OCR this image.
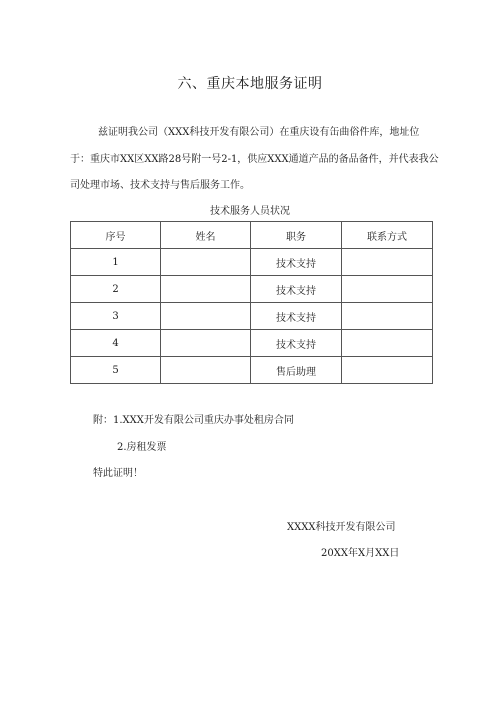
六、重庆本地服务证明

兹证明我公司（XXX科技开发有限公司）在重庆设有缶曲俗件库，地址位

于：重庆市XX区XX路28号附一号2-1，供应XXX通道产品的备品备件，并代表我公

司处理市场、技术支持与售后服务工作。

技术服务人员状况
序号	姓名	职务	联系方式
1		技术支持	
2		技术支持	
3		技术支持	
4		技术支持	
5		售后助理	
附：1.XXX开发有限公司重庆办事处租房合同
2.房租发票
特此证明！
XXXX科技开发有限公司
20XX年X月XX日
